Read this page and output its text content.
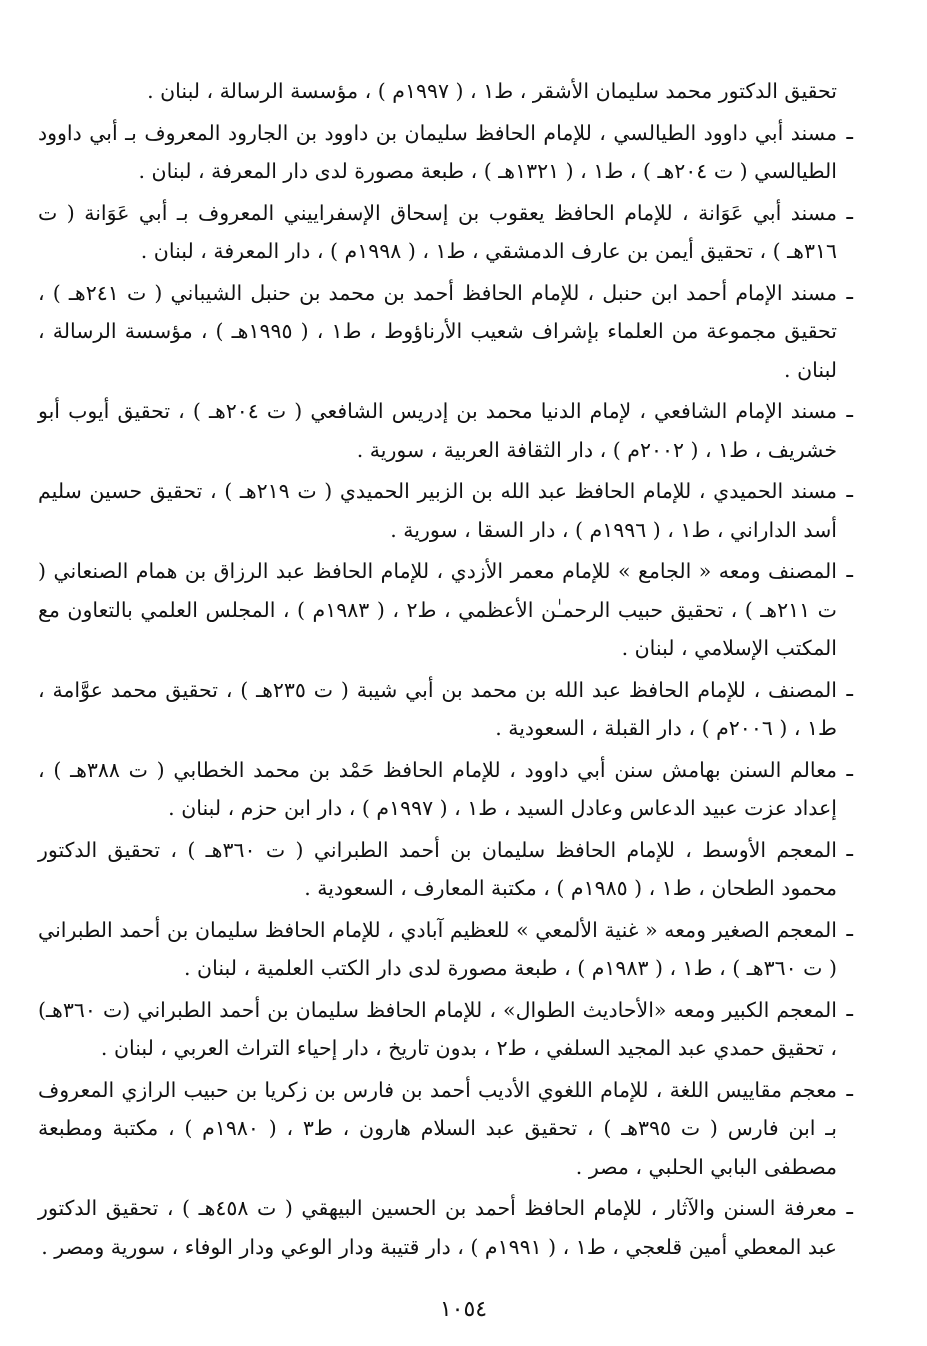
تحقيق الدكتور محمد سليمان الأشقر ، ط١ ، ( ١٩٩٧م ) ، مؤسسة الرسالة ، لبنان .

ـ

مسند أبي داوود الطيالسي ، للإمام الحافظ سليمان بن داوود بن الجارود المعروف بـ أبي داوود الطيالسي ( ت ٢٠٤هـ ) ، ط١ ، ( ١٣٢١هـ ) ، طبعة مصورة لدى دار المعرفة ، لبنان .

ـ

مسند أبي عَوَانة ، للإمام الحافظ يعقوب بن إسحاق الإسفراييني المعروف بـ أبي عَوَانة ( ت ٣١٦هـ ) ، تحقيق أيمن بن عارف الدمشقي ، ط١ ، ( ١٩٩٨م ) ، دار المعرفة ، لبنان .

ـ

مسند الإمام أحمد ابن حنبل ، للإمام الحافظ أحمد بن محمد بن حنبل الشيباني ( ت ٢٤١هـ ) ، تحقيق مجموعة من العلماء بإشراف شعيب الأرناؤوط ، ط١ ، ( ١٩٩٥هـ ) ، مؤسسة الرسالة ، لبنان .

ـ

مسند الإمام الشافعي ، لإمام الدنيا محمد بن إدريس الشافعي ( ت ٢٠٤هـ ) ، تحقيق أيوب أبو خشريف ، ط١ ، ( ٢٠٠٢م ) ، دار الثقافة العربية ، سورية .

ـ

مسند الحميدي ، للإمام الحافظ عبد الله بن الزبير الحميدي ( ت ٢١٩هـ ) ، تحقيق حسين سليم أسد الداراني ، ط١ ، ( ١٩٩٦م ) ، دار السقا ، سورية .

ـ

المصنف ومعه « الجامع » للإمام معمر الأزدي ، للإمام الحافظ عبد الرزاق بن همام الصنعاني ( ت ٢١١هـ ) ، تحقيق حبيب الرحمـٰن الأعظمي ، ط٢ ، ( ١٩٨٣م ) ، المجلس العلمي بالتعاون مع المكتب الإسلامي ، لبنان .

ـ

المصنف ، للإمام الحافظ عبد الله بن محمد بن أبي شيبة ( ت ٢٣٥هـ ) ، تحقيق محمد عوَّامة ، ط١ ، ( ٢٠٠٦م ) ، دار القبلة ، السعودية .

ـ

معالم السنن بهامش سنن أبي داوود ، للإمام الحافظ حَمْد بن محمد الخطابي ( ت ٣٨٨هـ ) ، إعداد عزت عبيد الدعاس وعادل السيد ، ط١ ، ( ١٩٩٧م ) ، دار ابن حزم ، لبنان .

ـ

المعجم الأوسط ، للإمام الحافظ سليمان بن أحمد الطبراني ( ت ٣٦٠هـ ) ، تحقيق الدكتور محمود الطحان ، ط١ ، ( ١٩٨٥م ) ، مكتبة المعارف ، السعودية .

ـ

المعجم الصغير ومعه « غنية الألمعي » للعظيم آبادي ، للإمام الحافظ سليمان بن أحمد الطبراني ( ت ٣٦٠هـ ) ، ط١ ، ( ١٩٨٣م ) ، طبعة مصورة لدى دار الكتب العلمية ، لبنان .

ـ

المعجم الكبير ومعه «الأحاديث الطوال» ، للإمام الحافظ سليمان بن أحمد الطبراني (ت ٣٦٠هـ) ، تحقيق حمدي عبد المجيد السلفي ، ط٢ ، بدون تاريخ ، دار إحياء التراث العربي ، لبنان .

ـ

معجم مقاييس اللغة ، للإمام اللغوي الأديب أحمد بن فارس بن زكريا بن حبيب الرازي المعروف بـ ابن فارس ( ت ٣٩٥هـ ) ، تحقيق عبد السلام هارون ، ط٣ ، ( ١٩٨٠م ) ، مكتبة ومطبعة مصطفى البابي الحلبي ، مصر .

ـ

معرفة السنن والآثار ، للإمام الحافظ أحمد بن الحسين البيهقي ( ت ٤٥٨هـ ) ، تحقيق الدكتور عبد المعطي أمين قلعجي ، ط١ ، ( ١٩٩١م ) ، دار قتيبة ودار الوعي ودار الوفاء ، سورية ومصر .

١٠٥٤
